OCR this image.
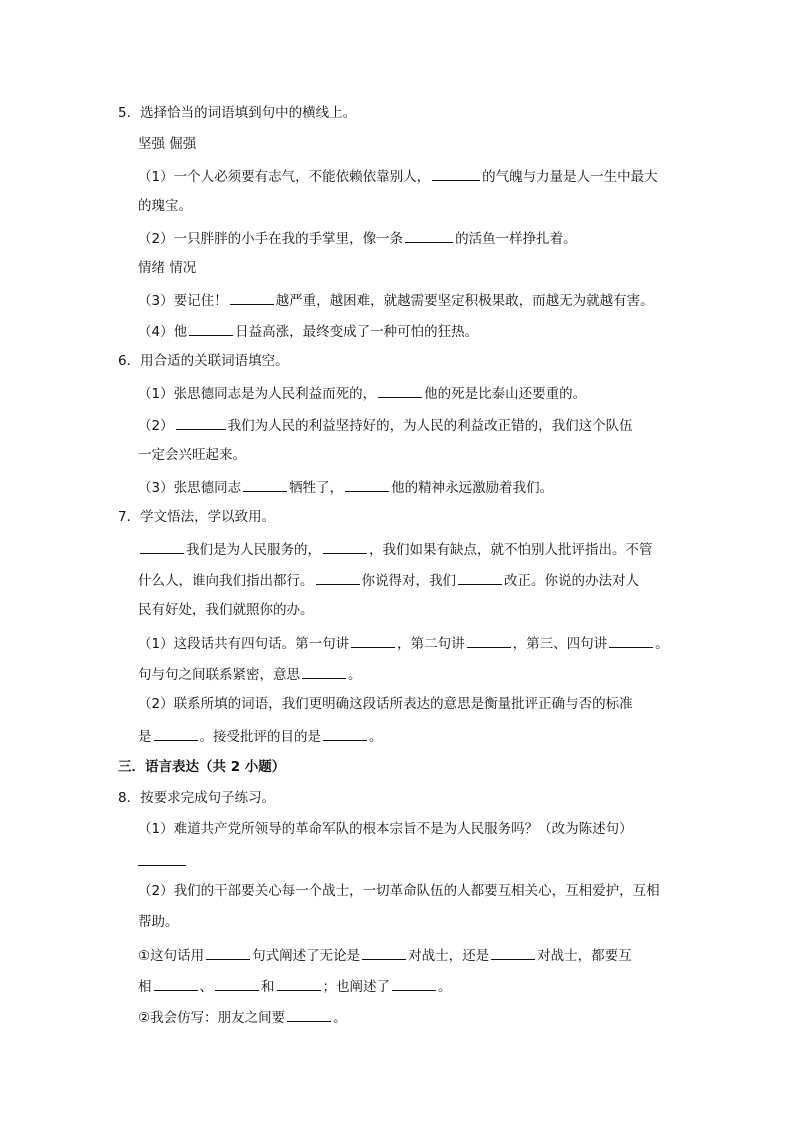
5．选择恰当的词语填到句中的横线上。
坚强 倔强
（1）一个人必须要有志气，不能依赖依靠别人，	的气魄与力量是人一生中最大
的瑰宝。
（2）一只胖胖的小手在我的手掌里，像一条	的活鱼一样挣扎着。
情绪 情况
（3）要记住！	越严重，越困难，就越需要坚定积极果敢，而越无为就越有害。
（4）他	日益高涨，最终变成了一种可怕的狂热。
6．用合适的关联词语填空。
（1）张思德同志是为人民利益而死的，	他的死是比泰山还要重的。
（2）	我们为人民的利益坚持好的，为人民的利益改正错的，我们这个队伍
一定会兴旺起来。
（3）张思德同志	牺牲了，	他的精神永远激励着我们。
7．学文悟法，学以致用。
我们是为人民服务的，	，我们如果有缺点，就不怕别人批评指出。不管
什么人，谁向我们指出都行。	你说得对，我们	改正。你说的办法对人
民有好处，我们就照你的办。
（1）这段话共有四句话。第一句讲	，第二句讲	，第三、四句讲	。
句与句之间联系紧密，意思	。
（2）联系所填的词语，我们更明确这段话所表达的意思是衡量批评正确与否的标准
是	。接受批评的目的是	。
三．语言表达（共 2 小题）
8．按要求完成句子练习。
（1）难道共产党所领导的革命军队的根本宗旨不是为人民服务吗？（改为陈述句）
（2）我们的干部要关心每一个战士，一切革命队伍的人都要互相关心，互相爱护，互相
帮助。
①这句话用	句式阐述了无论是	对战士，还是	对战士，都要互
相	、	和	；也阐述了	。
②我会仿写：朋友之间要	。
